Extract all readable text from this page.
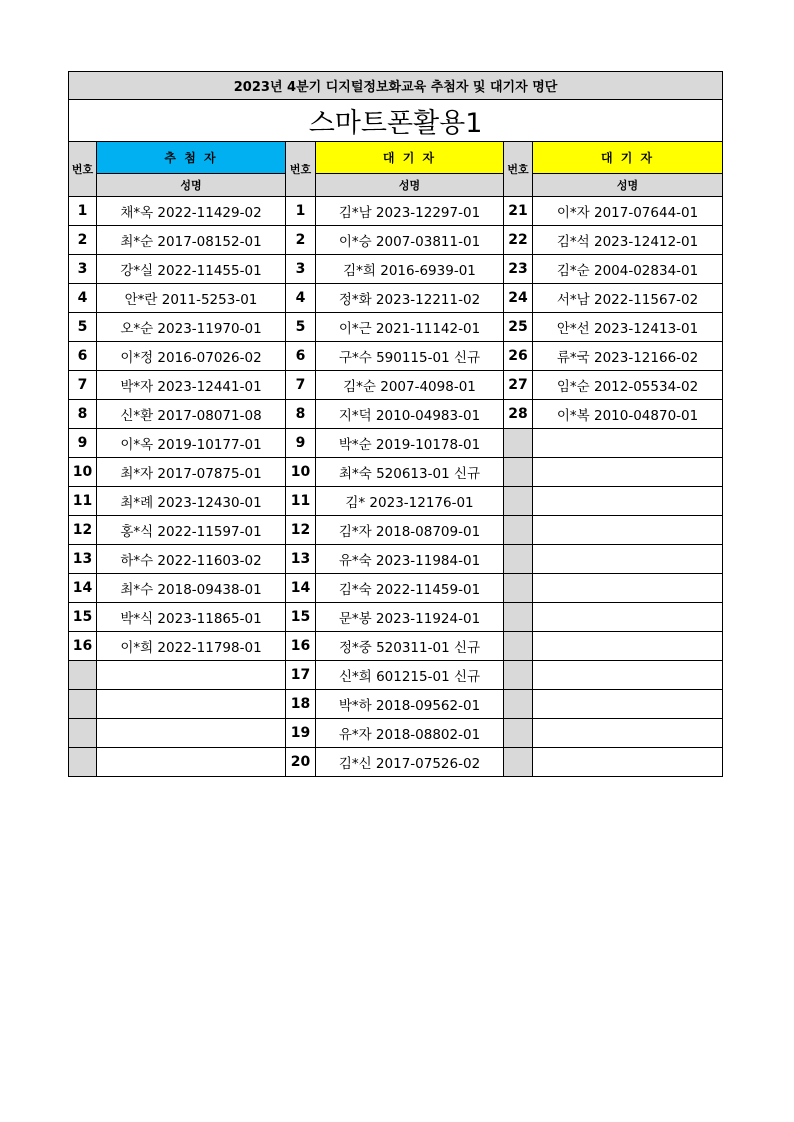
2023년 4분기 디지털정보화교육 추첨자 및 대기자 명단					
스마트폰활용1					
번호	추 첨 자	번호	대 기 자	번호	대 기 자
	성명		성명		성명
1	채*옥 2022-11429-02	1	김*남 2023-12297-01	21	이*자 2017-07644-01
2	최*순 2017-08152-01	2	이*승 2007-03811-01	22	김*석 2023-12412-01
3	강*실 2022-11455-01	3	김*희 2016-6939-01	23	김*순 2004-02834-01
4	안*란 2011-5253-01	4	정*화 2023-12211-02	24	서*남 2022-11567-02
5	오*순 2023-11970-01	5	이*근 2021-11142-01	25	안*선 2023-12413-01
6	이*정 2016-07026-02	6	구*수 590115-01 신규	26	류*국 2023-12166-02
7	박*자 2023-12441-01	7	김*순 2007-4098-01	27	임*순 2012-05534-02
8	신*환 2017-08071-08	8	지*덕 2010-04983-01	28	이*복 2010-04870-01
9	이*옥 2019-10177-01	9	박*순 2019-10178-01		
10	최*자 2017-07875-01	10	최*숙 520613-01 신규		
11	최*례 2023-12430-01	11	김* 2023-12176-01		
12	홍*식 2022-11597-01	12	김*자 2018-08709-01		
13	하*수 2022-11603-02	13	유*숙 2023-11984-01		
14	최*수 2018-09438-01	14	김*숙 2022-11459-01		
15	박*식 2023-11865-01	15	문*봉 2023-11924-01		
16	이*희 2022-11798-01	16	정*중 520311-01 신규		
		17	신*희 601215-01 신규		
		18	박*하 2018-09562-01		
		19	유*자 2018-08802-01		
		20	김*신 2017-07526-02		
